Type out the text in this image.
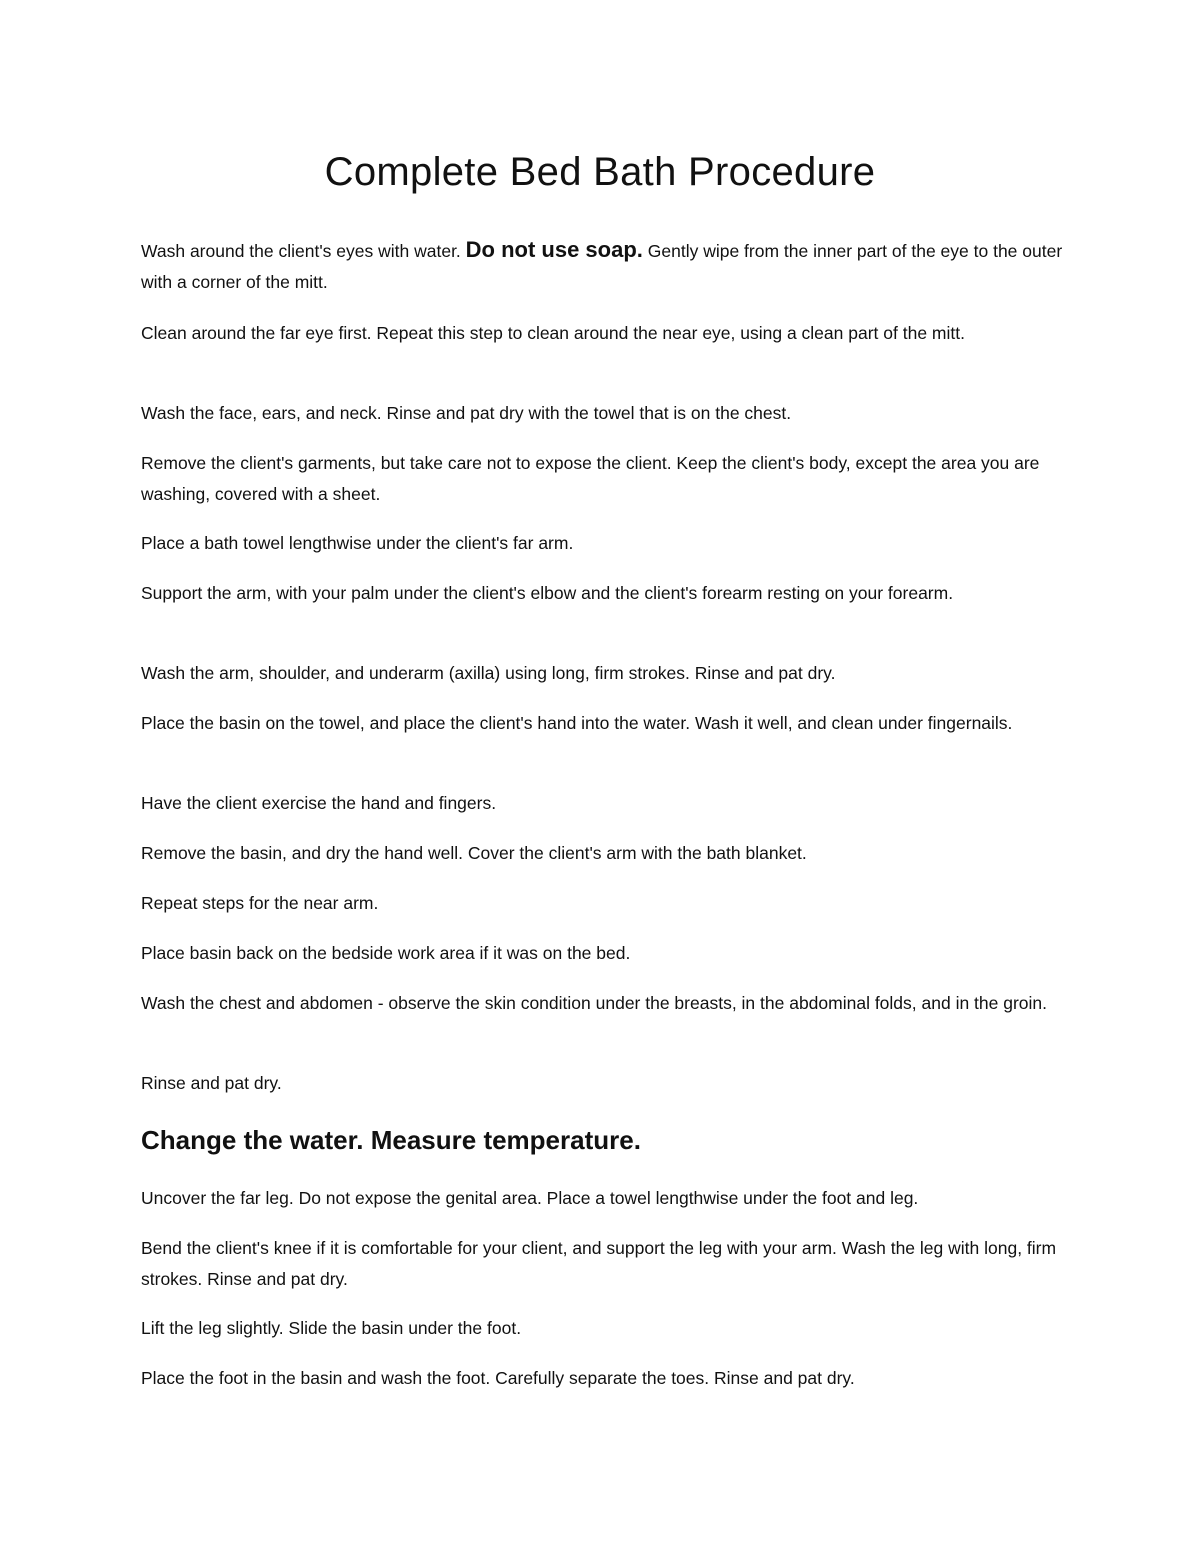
Complete Bed Bath Procedure

Wash around the client's eyes with water. Do not use soap. Gently wipe from the inner part of the eye to the outer with a corner of the mitt.

Clean around the far eye first. Repeat this step to clean around the near eye, using a clean part of the mitt.

Wash the face, ears, and neck. Rinse and pat dry with the towel that is on the chest.

Remove the client's garments, but take care not to expose the client. Keep the client's body, except the area you are washing, covered with a sheet.

Place a bath towel lengthwise under the client's far arm.

Support the arm, with your palm under the client's elbow and the client's forearm resting on your forearm.

Wash the arm, shoulder, and underarm (axilla) using long, firm strokes. Rinse and pat dry.

Place the basin on the towel, and place the client's hand into the water. Wash it well, and clean under fingernails.

Have the client exercise the hand and fingers.

Remove the basin, and dry the hand well. Cover the client's arm with the bath blanket.

Repeat steps for the near arm.

Place basin back on the bedside work area if it was on the bed.

Wash the chest and abdomen - observe the skin condition under the breasts, in the abdominal folds, and in the groin.

Rinse and pat dry.

Change the water. Measure temperature.

Uncover the far leg. Do not expose the genital area. Place a towel lengthwise under the foot and leg.

Bend the client's knee if it is comfortable for your client, and support the leg with your arm. Wash the leg with long, firm strokes. Rinse and pat dry.

Lift the leg slightly. Slide the basin under the foot.

Place the foot in the basin and wash the foot. Carefully separate the toes. Rinse and pat dry.
